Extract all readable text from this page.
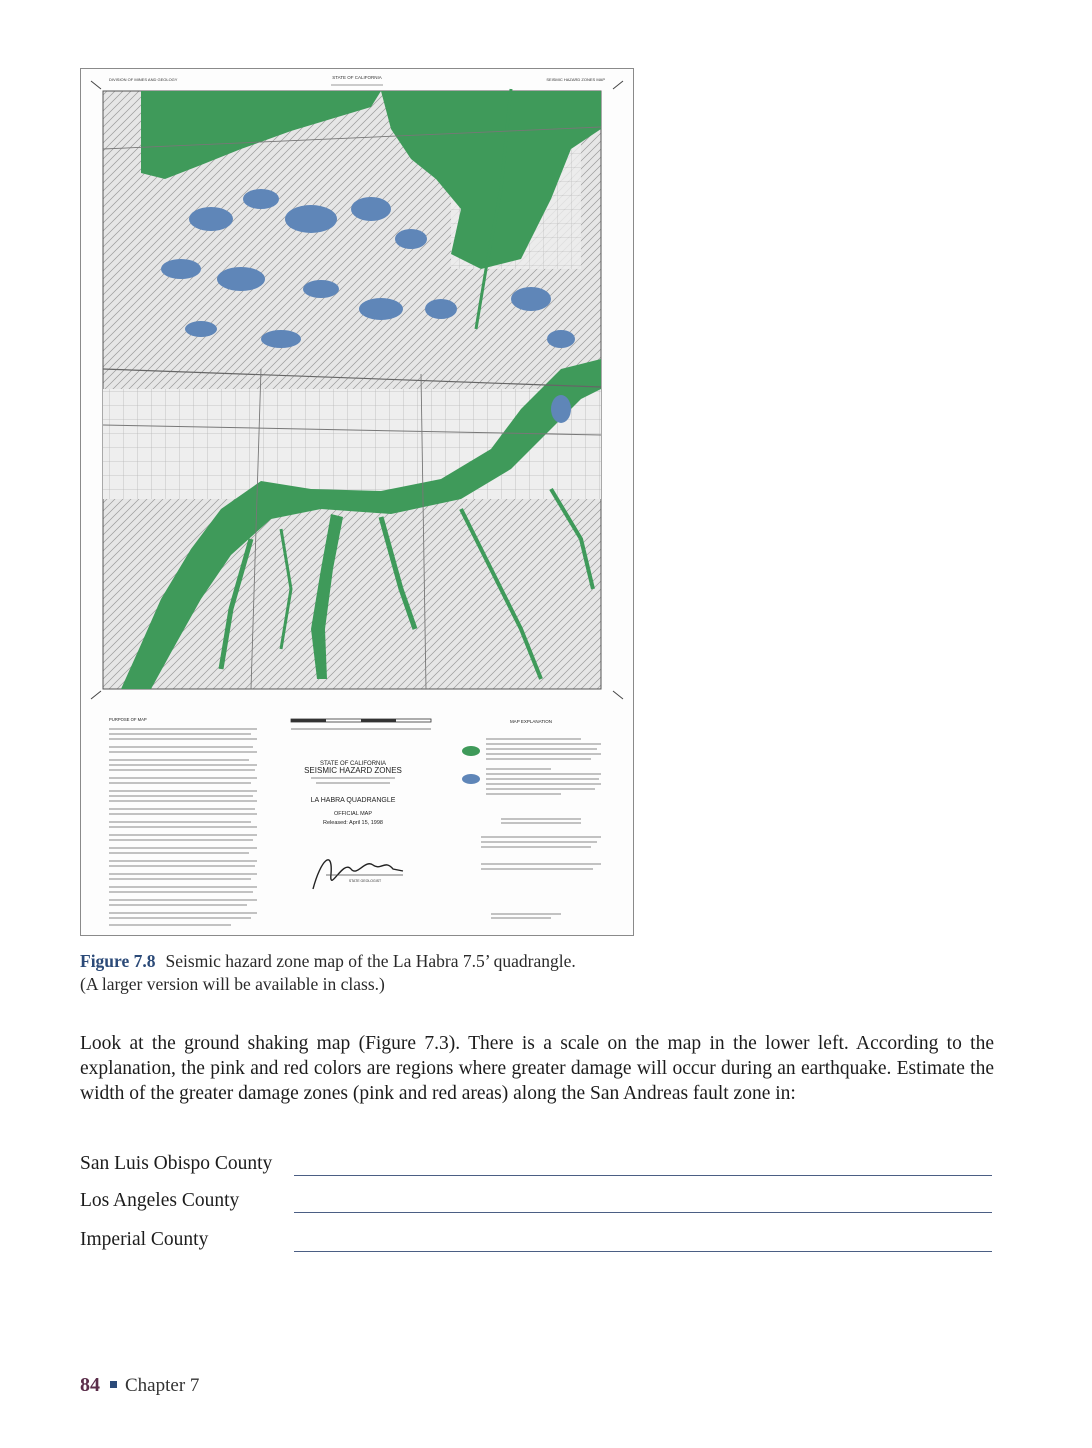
DIVISION OF MINES AND GEOLOGY	STATE OF CALIFORNIA	SEISMIC HAZARD ZONES MAP
PURPOSE OF MAP
STATE OF CALIFORNIA
SEISMIC HAZARD ZONES
LA HABRA QUADRANGLE
OFFICIAL MAP
Released: April 15, 1998
STATE GEOLOGIST
MAP EXPLANATION
Figure 7.8 Seismic hazard zone map of the La Habra 7.5’ quadrangle.
(A larger version will be available in class.)
Look at the ground shaking map (Figure 7.3). There is a scale on the map in the lower left. According to the explanation, the pink and red colors are regions where greater damage will occur during an earthquake. Estimate the width of the greater damage zones (pink and red areas) along the San Andreas fault zone in:
San Luis Obispo County
Los Angeles County
Imperial County
84 Chapter 7
